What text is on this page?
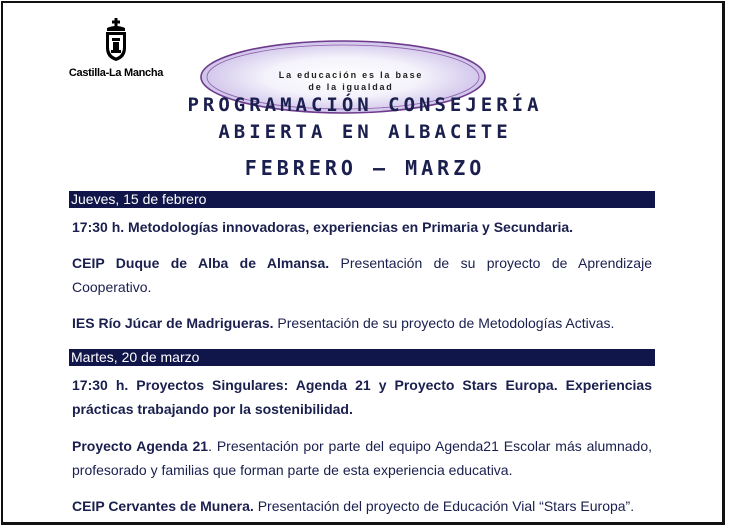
Castilla-La Mancha	La educación es la base
de la igualdad
PROGRAMACIÓN CONSEJERÍA
ABIERTA EN ALBACETE
FEBRERO – MARZO
Jueves, 15 de febrero
17:30 h. Metodologías innovadoras, experiencias en Primaria y Secundaria.
CEIP Duque de Alba de Almansa. Presentación de su proyecto de Aprendizaje Cooperativo.
IES Río Júcar de Madrigueras. Presentación de su proyecto de Metodologías Activas.
Martes, 20 de marzo
17:30 h. Proyectos Singulares: Agenda 21 y Proyecto Stars Europa. Experiencias prácticas trabajando por la sostenibilidad.
Proyecto Agenda 21. Presentación por parte del equipo Agenda21 Escolar más alumnado, profesorado y familias que forman parte de esta experiencia educativa.
CEIP Cervantes de Munera. Presentación del proyecto de Educación Vial “Stars Europa”.
